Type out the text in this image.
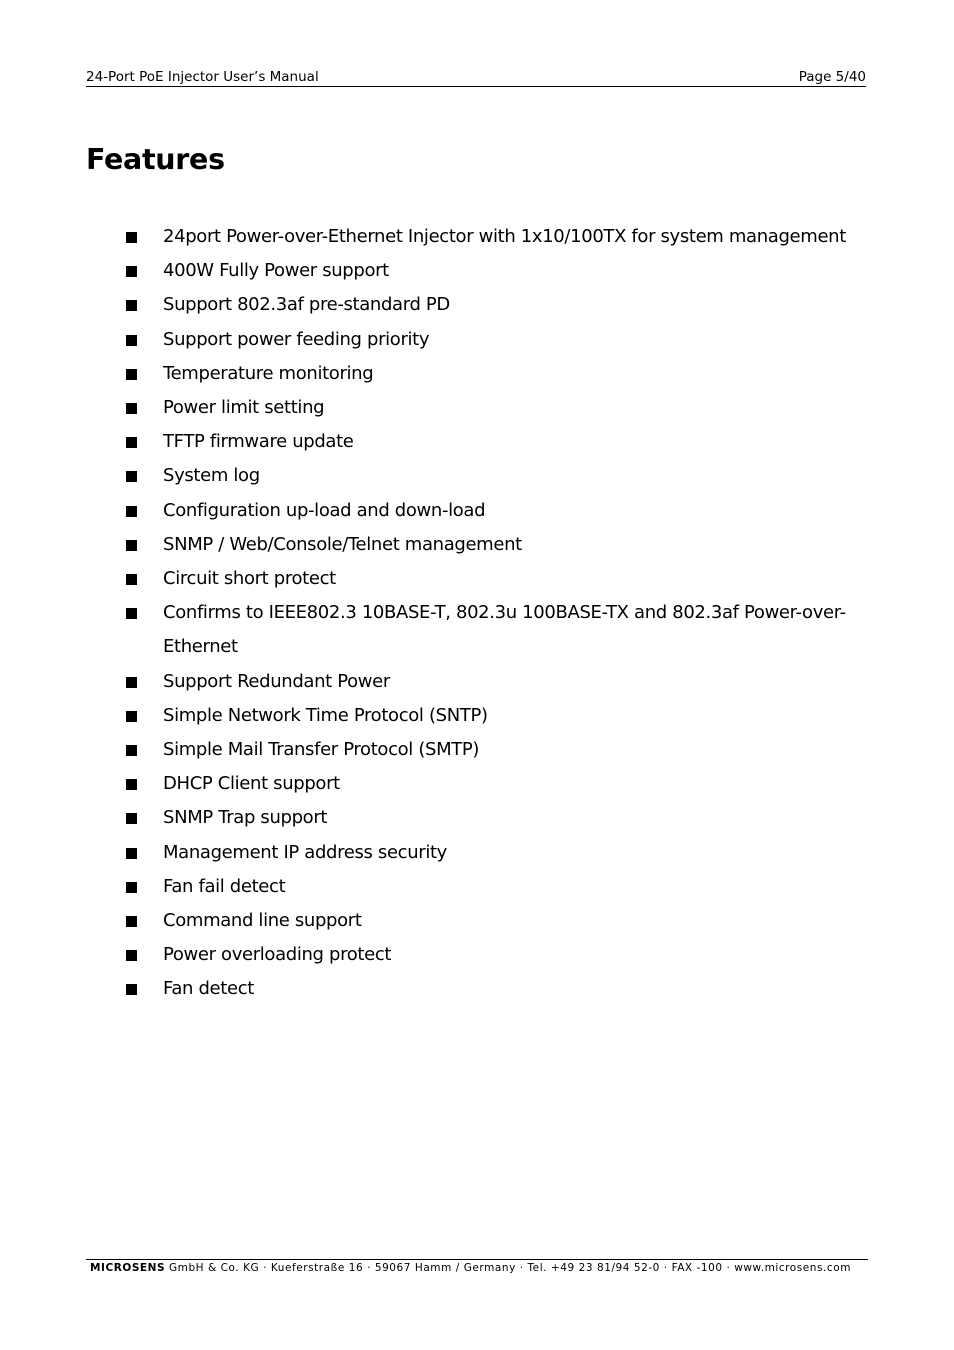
24-Port PoE Injector User’s Manual	Page 5/40
Features
24port Power-over-Ethernet Injector with 1x10/100TX for system management
400W Fully Power support
Support 802.3af pre-standard PD
Support power feeding priority
Temperature monitoring
Power limit setting
TFTP firmware update
System log
Configuration up-load and down-load
SNMP / Web/Console/Telnet management
Circuit short protect
Confirms to IEEE802.3 10BASE-T, 802.3u 100BASE-TX and 802.3af Power-over-Ethernet
Support Redundant Power
Simple Network Time Protocol (SNTP)
Simple Mail Transfer Protocol (SMTP)
DHCP Client support
SNMP Trap support
Management IP address security
Fan fail detect
Command line support
Power overloading protect
Fan detect
MICROSENS GmbH & Co. KG · Kueferstraße 16 · 59067 Hamm / Germany · Tel. +49 23 81/94 52-0 · FAX -100 · www.microsens.com
